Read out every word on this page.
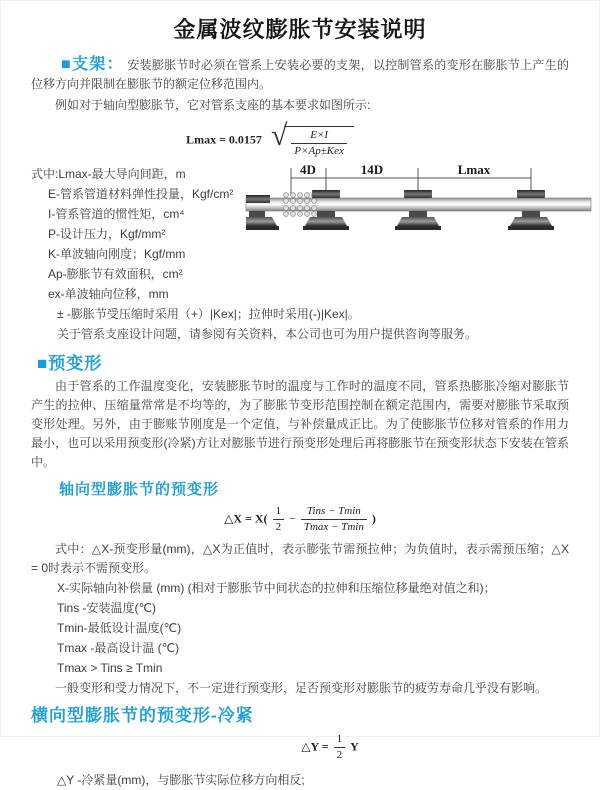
金属波纹膨胀节安装说明

■支架： 安装膨胀节时必须在管系上安装必要的支架，以控制管系的变形在膨胀节上产生的位移方向并限制在膨胀节的额定位移范围内。

例如对于轴向型膨胀节，它对管系支座的基本要求如图所示:

Lmax = 0.0157 √ $\frac{E\times I}{\text{P×Ap±Kex}}$
式中:Lmax-最大导向间距，m
E-管系管道材料弹性投量，Kgf/cm²
I-管系管道的惯性矩，cm⁴
P-设计压力，Kgf/mm²
K-单波轴向刚度；Kgf/mm
Ap-膨胀节有效面积，cm²
ex-单波轴向位移，mm
4D	14D	Lmax
± -膨胀节受压缩时采用（+）|Kex|；拉伸时采用(-)|Kex|。
关于管系支座设计问题，请参阅有关资料，本公司也可为用户提供咨询等服务。
■预变形

由于管系的工作温度变化，安装膨胀节时的温度与工作时的温度不同，管系热膨胀冷缩对膨胀节产生的拉伸、压缩量常常是不均等的，为了膨胀节变形范围控制在额定范围内，需要对膨胀节采取预变形处理。另外，由于膨账节刚度是一个定值，与补偿量成正比。为了使膨胀节位移对管系的作用力最小，也可以采用预变形(冷紧)方让对膨胀节进行预变形处理后再将膨胀节在预变形状态下安装在管系中。

轴向型膨胀节的预变形
△X = $X( \frac{1}{2} - \frac{\text{Tins − Tmin}}{Tmax - Tmin}$ )

式中：△X-预变形量(mm)，△X为正值时，表示膨张节需预拉伸；为负值时，表示需预压缩；△X = 0时表示不需预变形。

X-实际轴向补偿量 (mm) (相对于膨胀节中间状态的拉伸和压缩位移量绝对值之和)；
Tins -安装温度(℃)
Tmin-最低设计温度(℃)
Tmax -最高设计温 (℃)
Tmax > Tins ≥ Tmin
一般变形和受力情况下，不一定进行预变形，足否预变形对膨胀节的疲劳寿命几乎没有影响。
横向型膨胀节的预变形-冷紧
△Y = $\frac{1}{2}$ Y
△Y -冷紧量(mm)，与膨胀节实际位移方向相反;
